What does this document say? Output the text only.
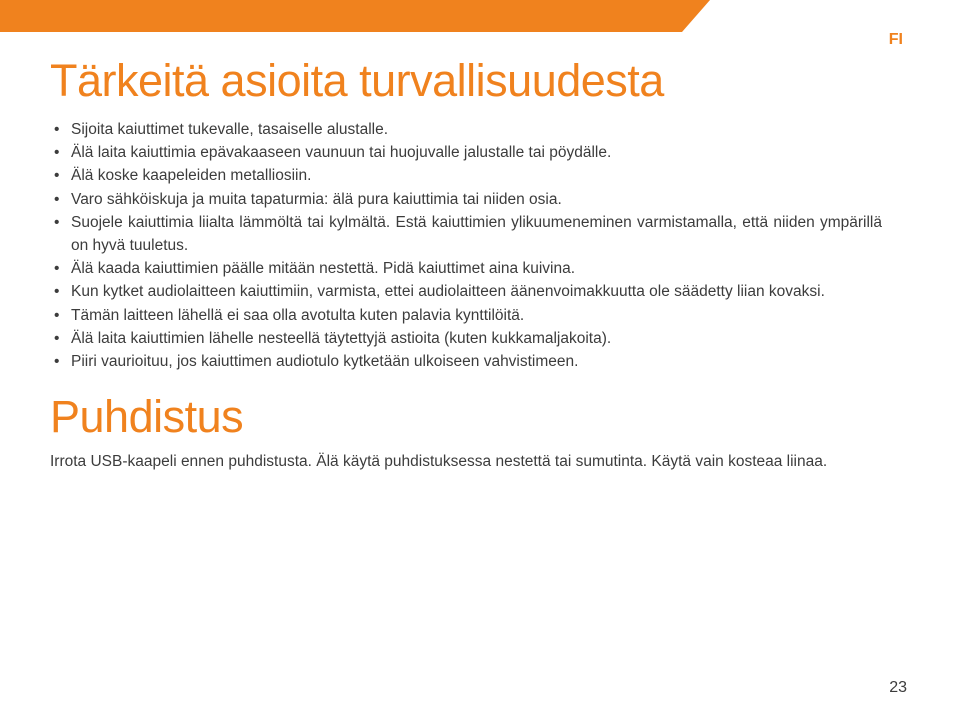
FI
Tärkeitä asioita turvallisuudesta
• Sijoita kaiuttimet tukevalle, tasaiselle alustalle.
• Älä laita kaiuttimia epävakaaseen vaunuun tai huojuvalle jalustalle tai pöydälle.
• Älä koske kaapeleiden metalliosiin.
• Varo sähköiskuja ja muita tapaturmia: älä pura kaiuttimia tai niiden osia.
• Suojele kaiuttimia liialta lämmöltä tai kylmältä. Estä kaiuttimien ylikuumeneminen varmistamalla, että niiden ympärillä on hyvä tuuletus.
• Älä kaada kaiuttimien päälle mitään nestettä. Pidä kaiuttimet aina kuivina.
• Kun kytket audiolaitteen kaiuttimiin, varmista, ettei audiolaitteen äänenvoimakkuutta ole säädetty liian kovaksi.
• Tämän laitteen lähellä ei saa olla avotulta kuten palavia kynttilöitä.
• Älä laita kaiuttimien lähelle nesteellä täytettyjä astioita (kuten kukkamaljakoita).
• Piiri vaurioituu, jos kaiuttimen audiotulo kytketään ulkoiseen vahvistimeen.
Puhdistus

Irrota USB-kaapeli ennen puhdistusta. Älä käytä puhdistuksessa nestettä tai sumutinta. Käytä vain kosteaa liinaa.

23
